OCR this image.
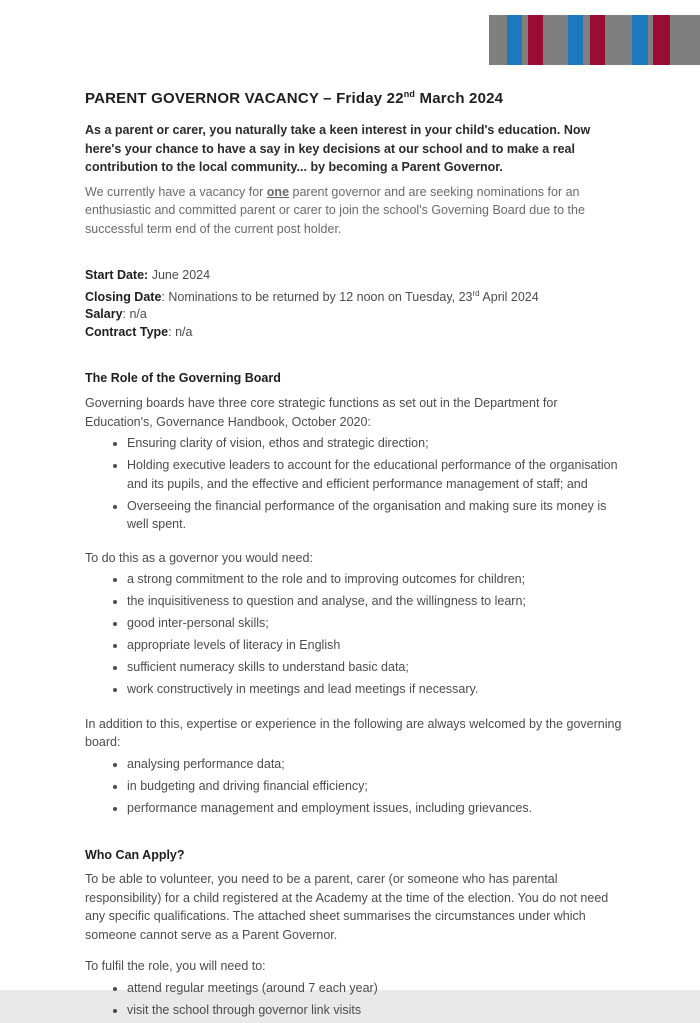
PARENT GOVERNOR VACANCY – Friday 22nd March 2024

As a parent or carer, you naturally take a keen interest in your child's education. Now here's your chance to have a say in key decisions at our school and to make a real contribution to the local community... by becoming a Parent Governor.

We currently have a vacancy for one parent governor and are seeking nominations for an enthusiastic and committed parent or carer to join the school's Governing Board due to the successful term end of the current post holder.

Start Date: June 2024

Closing Date: Nominations to be returned by 12 noon on Tuesday, 23rd April 2024

Salary: n/a

Contract Type: n/a

The Role of the Governing Board

Governing boards have three core strategic functions as set out in the Department for Education's, Governance Handbook, October 2020:

• Ensuring clarity of vision, ethos and strategic direction;
• Holding executive leaders to account for the educational performance of the organisation and its pupils, and the effective and efficient performance management of staff; and
• Overseeing the financial performance of the organisation and making sure its money is well spent.

To do this as a governor you would need:

• a strong commitment to the role and to improving outcomes for children;
• the inquisitiveness to question and analyse, and the willingness to learn;
• good inter-personal skills;
• appropriate levels of literacy in English
• sufficient numeracy skills to understand basic data;
• work constructively in meetings and lead meetings if necessary.

In addition to this, expertise or experience in the following are always welcomed by the governing board:

• analysing performance data;
• in budgeting and driving financial efficiency;
• performance management and employment issues, including grievances.

Who Can Apply?

To be able to volunteer, you need to be a parent, carer (or someone who has parental responsibility) for a child registered at the Academy at the time of the election. You do not need any specific qualifications. The attached sheet summarises the circumstances under which someone cannot serve as a Parent Governor.

To fulfil the role, you will need to:

• attend regular meetings (around 7 each year)
• visit the school through governor link visits
